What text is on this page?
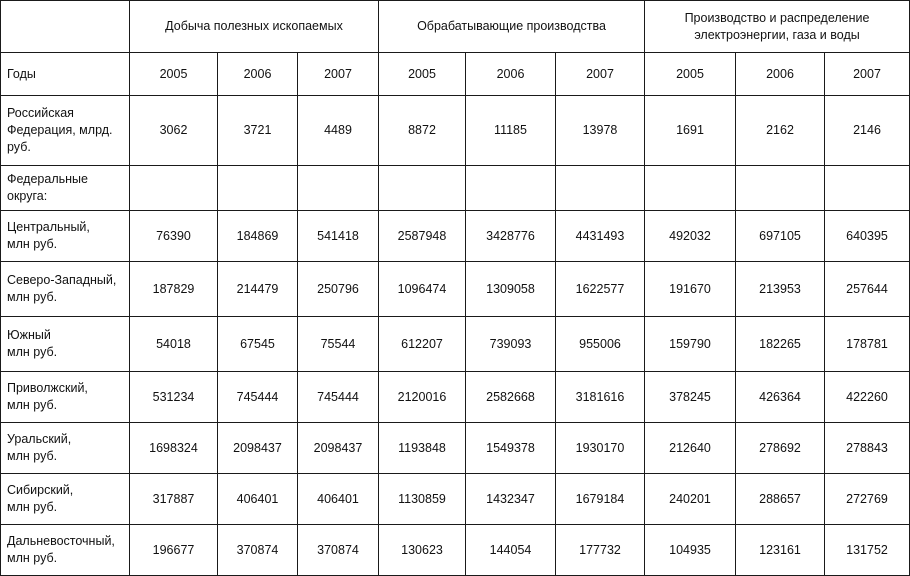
	Добыча полезных ископаемых			Обрабатывающие производства			Производство и распределение
электроэнергии, газа и воды		

Годы	2005	2006	2007	2005	2006	2007	2005	2006	2007

Российская
Федерация, млрд.
руб.	3062	3721	4489	8872	11185	13978	1691	2162	2146

Федеральные
округа:									

Центральный,
млн руб.	76390	184869	541418	2587948	3428776	4431493	492032	697105	640395

Северо-Западный,
млн руб.	187829	214479	250796	1096474	1309058	1622577	191670	213953	257644

Южный
млн руб.	54018	67545	75544	612207	739093	955006	159790	182265	178781

Приволжский,
млн руб.	531234	745444	745444	2120016	2582668	3181616	378245	426364	422260

Уральский,
млн руб.	1698324	2098437	2098437	1193848	1549378	1930170	212640	278692	278843

Сибирский,
млн руб.	317887	406401	406401	1130859	1432347	1679184	240201	288657	272769

Дальневосточный,
млн руб.	196677	370874	370874	130623	144054	177732	104935	123161	131752
